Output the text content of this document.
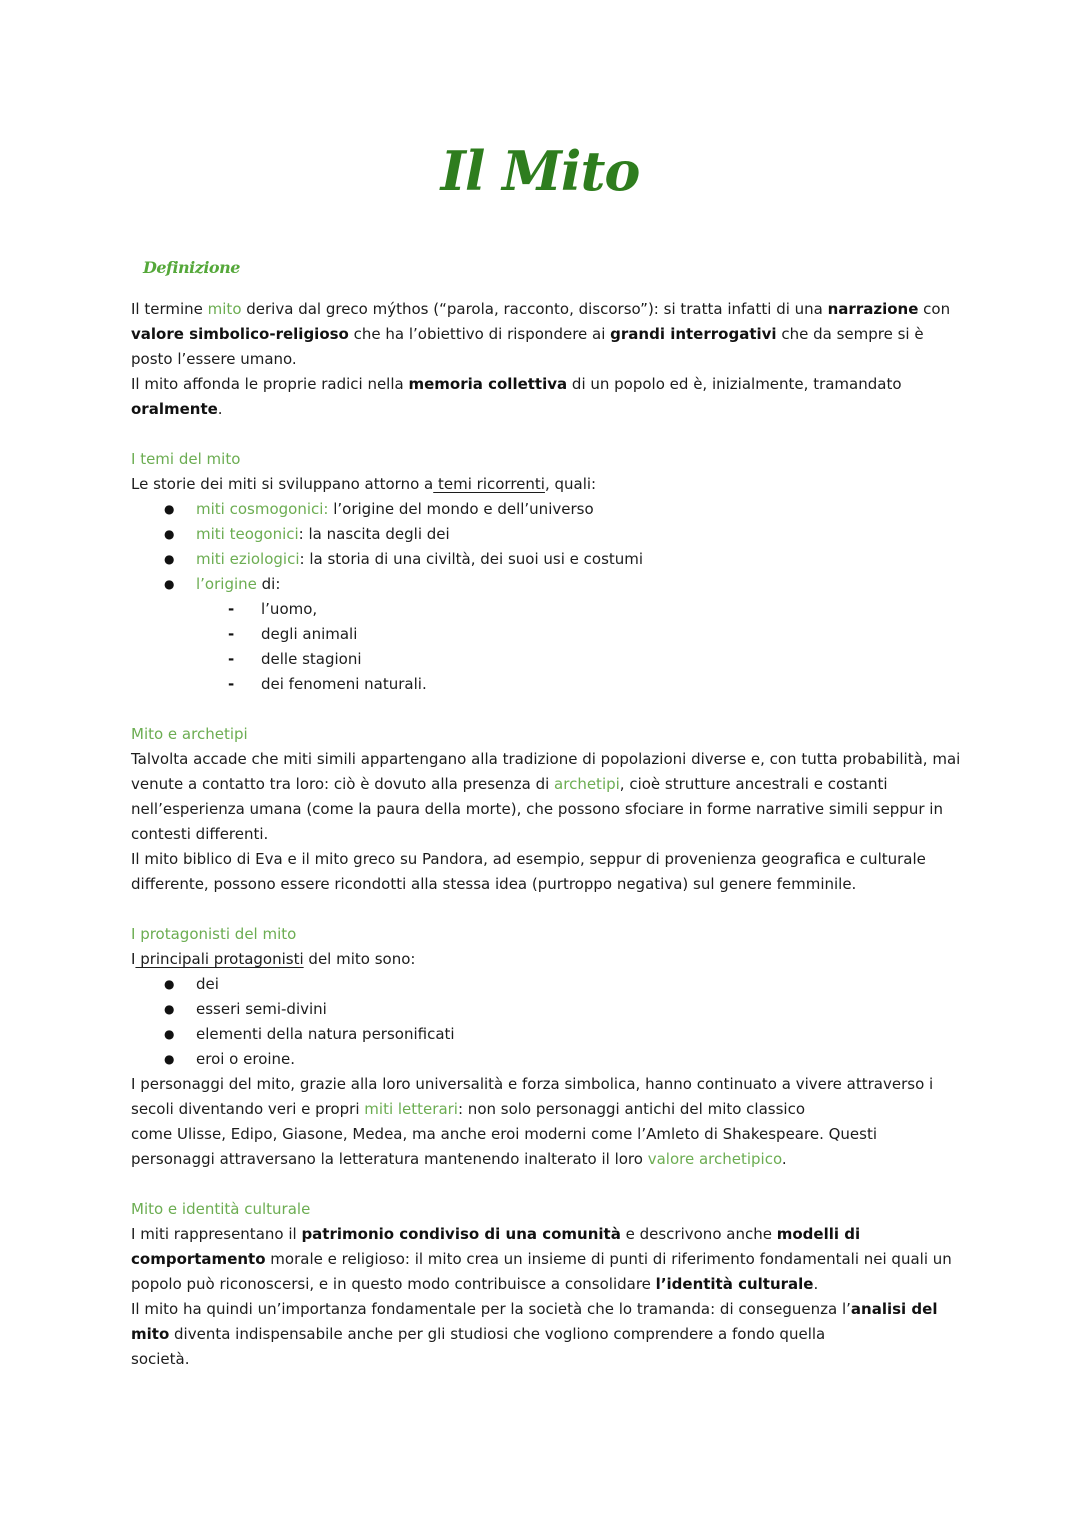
Il Mito
Definizione

Il termine mito deriva dal greco mýthos (“parola, racconto, discorso”): si tratta infatti di una narrazione con valore simbolico-religioso che ha l’obiettivo di rispondere ai grandi interrogativi che da sempre si è posto l’essere umano.

Il mito affonda le proprie radici nella memoria collettiva di un popolo ed è, inizialmente, tramandato oralmente.

I temi del mito

Le storie dei miti si sviluppano attorno a temi ricorrenti, quali:

● miti cosmogonici: l’origine del mondo e dell’universo
● miti teogonici: la nascita degli dei
● miti eziologici: la storia di una civiltà, dei suoi usi e costumi
● l’origine di:
- l’uomo,
- degli animali
- delle stagioni
- dei fenomeni naturali.

Mito e archetipi

Talvolta accade che miti simili appartengano alla tradizione di popolazioni diverse e, con tutta probabilità, mai venute a contatto tra loro: ciò è dovuto alla presenza di archetipi, cioè strutture ancestrali e costanti nell’esperienza umana (come la paura della morte), che possono sfociare in forme narrative simili seppur in contesti differenti.

Il mito biblico di Eva e il mito greco su Pandora, ad esempio, seppur di provenienza geografica e culturale differente, possono essere ricondotti alla stessa idea (purtroppo negativa) sul genere femminile.

I protagonisti del mito

I principali protagonisti del mito sono:

● dei
● esseri semi-divini
● elementi della natura personificati
● eroi o eroine.

I personaggi del mito, grazie alla loro universalità e forza simbolica, hanno continuato a vivere attraverso i secoli diventando veri e propri miti letterari: non solo personaggi antichi del mito classico
come Ulisse, Edipo, Giasone, Medea, ma anche eroi moderni come l’Amleto di Shakespeare. Questi personaggi attraversano la letteratura mantenendo inalterato il loro valore archetipico.

Mito e identità culturale

I miti rappresentano il patrimonio condiviso di una comunità e descrivono anche modelli di comportamento morale e religioso: il mito crea un insieme di punti di riferimento fondamentali nei quali un popolo può riconoscersi, e in questo modo contribuisce a consolidare l’identità culturale.

Il mito ha quindi un’importanza fondamentale per la società che lo tramanda: di conseguenza l’analisi del mito diventa indispensabile anche per gli studiosi che vogliono comprendere a fondo quella
società.
